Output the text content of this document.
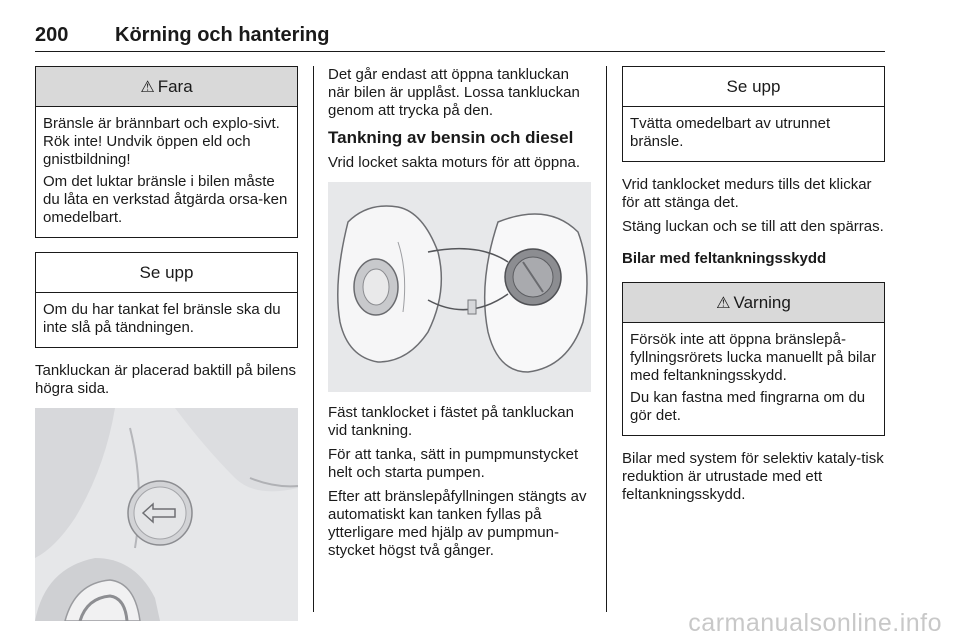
200 Körning och hantering
⚠ Fara

Bränsle är brännbart och explo-sivt. Rök inte! Undvik öppen eld och gnistbildning!

Om det luktar bränsle i bilen måste du låta en verkstad åtgärda orsa-ken omedelbart.

Se upp

Om du har tankat fel bränsle ska du inte slå på tändningen.

Tankluckan är placerad baktill på bilens högra sida.

Det går endast att öppna tankluckan när bilen är upplåst. Lossa tankluckan genom att trycka på den.

Tankning av bensin och diesel

Vrid locket sakta moturs för att öppna.

Fäst tanklocket i fästet på tankluckan vid tankning.

För att tanka, sätt in pumpmunstycket helt och starta pumpen.

Efter att bränslepåfyllningen stängts av automatiskt kan tanken fyllas på ytterligare med hjälp av pumpmun-stycket högst två gånger.

Se upp

Tvätta omedelbart av utrunnet bränsle.

Vrid tanklocket medurs tills det klickar för att stänga det.

Stäng luckan och se till att den spärras.

Bilar med feltankningsskydd
⚠ Varning

Försök inte att öppna bränslepå-fyllningsrörets lucka manuellt på bilar med feltankningsskydd.

Du kan fastna med fingrarna om du gör det.

Bilar med system för selektiv kataly-tisk reduktion är utrustade med ett feltankningsskydd.

carmanualsonline.info
